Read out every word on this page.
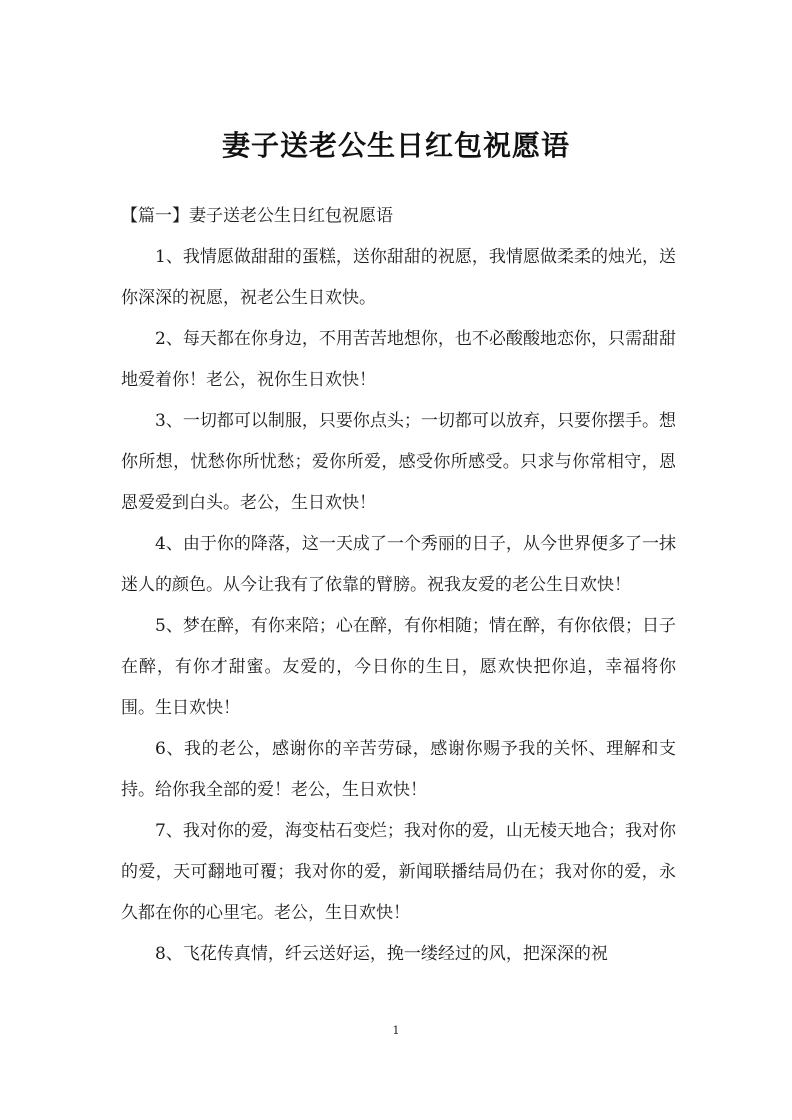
妻子送老公生日红包祝愿语

【篇一】妻子送老公生日红包祝愿语

1、我情愿做甜甜的蛋糕，送你甜甜的祝愿，我情愿做柔柔的烛光，送你深深的祝愿，祝老公生日欢快。

2、每天都在你身边，不用苦苦地想你，也不必酸酸地恋你，只需甜甜地爱着你！老公，祝你生日欢快！

3、一切都可以制服，只要你点头；一切都可以放弃，只要你摆手。想你所想，忧愁你所忧愁；爱你所爱，感受你所感受。只求与你常相守，恩恩爱爱到白头。老公，生日欢快！

4、由于你的降落，这一天成了一个秀丽的日子，从今世界便多了一抹迷人的颜色。从今让我有了依靠的臂膀。祝我友爱的老公生日欢快！

5、梦在醉，有你来陪；心在醉，有你相随；情在醉，有你依偎；日子在醉，有你才甜蜜。友爱的，今日你的生日，愿欢快把你追，幸福将你围。生日欢快！

6、我的老公，感谢你的辛苦劳碌，感谢你赐予我的关怀、理解和支持。给你我全部的爱！老公，生日欢快！

7、我对你的爱，海变枯石变烂；我对你的爱，山无棱天地合；我对你的爱，天可翻地可覆；我对你的爱，新闻联播结局仍在；我对你的爱，永久都在你的心里宅。老公，生日欢快！

8、飞花传真情，纤云送好运，挽一缕经过的风，把深深的祝

1
